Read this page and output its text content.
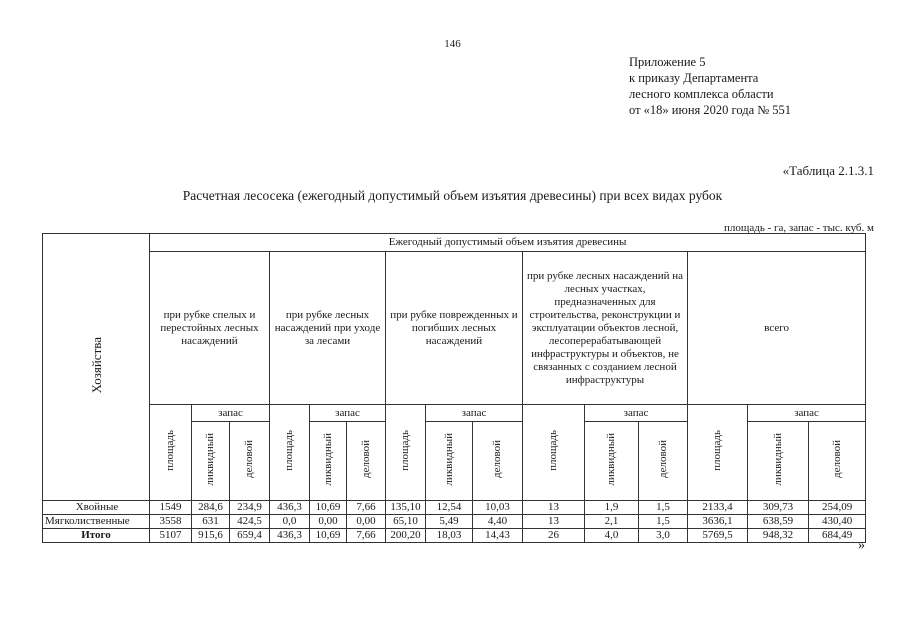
146
Приложение 5
к приказу Департамента
лесного комплекса области
от «18» июня 2020 года № 551
«Таблица 2.1.3.1
Расчетная лесосека (ежегодный допустимый объем изъятия древесины) при всех видах рубок
площадь - га, запас - тыс. куб. м
Хозяйства	Ежегодный допустимый объем изъятия древесины														
	при рубке спелых и перестойных лесных насаждений			при рубке лесных насаждений при уходе за лесами			при рубке поврежденных и погибших лесных насаждений			при рубке лесных насаждений на лесных участках, предназначенных для строительства, реконструкции и эксплуатации объектов лесной, лесоперерабатывающей инфраструктуры и объектов, не связанных с созданием лесной инфраструктуры			всего		
	площадь	запас		площадь	запас		площадь	запас		площадь	запас		площадь	запас	
		ликвидный	деловой		ликвидный	деловой		ликвидный	деловой		ликвидный	деловой		ликвидный	деловой
Хвойные	1549	284,6	234,9	436,3	10,69	7,66	135,10	12,54	10,03	13	1,9	1,5	2133,4	309,73	254,09
Мягколиственные	3558	631	424,5	0,0	0,00	0,00	65,10	5,49	4,40	13	2,1	1,5	3636,1	638,59	430,40
Итого	5107	915,6	659,4	436,3	10,69	7,66	200,20	18,03	14,43	26	4,0	3,0	5769,5	948,32	684,49
»
